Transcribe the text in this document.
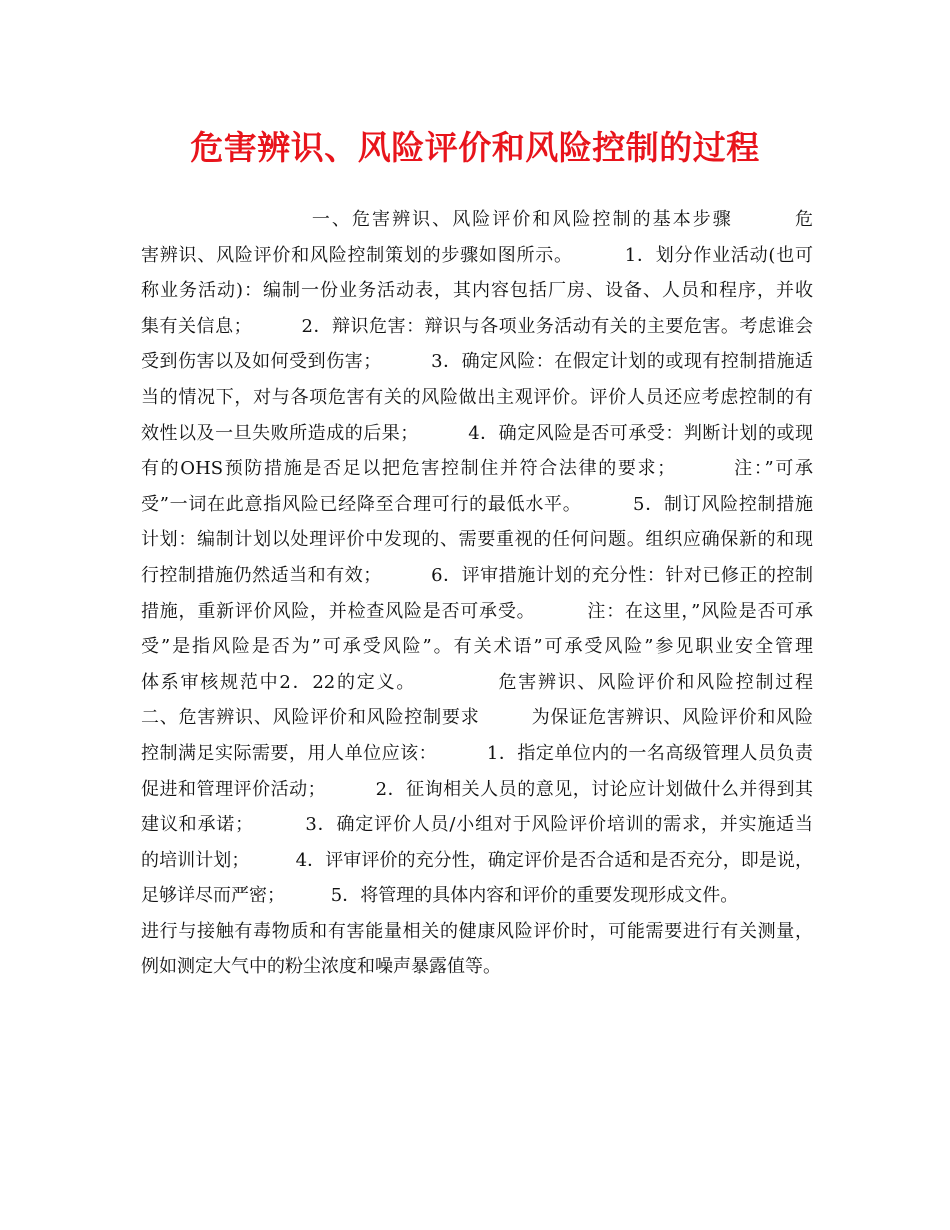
危害辨识、风险评价和风险控制的过程
一、危害辨识、风险评价和风险控制的基本步骤        危
害辨识、风险评价和风险控制策划的步骤如图所示。        1．划分作业活动(也可
称业务活动)：编制一份业务活动表，其内容包括厂房、设备、人员和程序，并收
集有关信息；        2．辩识危害：辩识与各项业务活动有关的主要危害。考虑谁会
受到伤害以及如何受到伤害；        3．确定风险：在假定计划的或现有控制措施适
当的情况下，对与各项危害有关的风险做出主观评价。评价人员还应考虑控制的有
效性以及一旦失败所造成的后果；        4．确定风险是否可承受：判断计划的或现
有的OHS预防措施是否足以把危害控制住并符合法律的要求；        注：”可承
受”一词在此意指风险已经降至合理可行的最低水平。        5．制订风险控制措施
计划：编制计划以处理评价中发现的、需要重视的任何问题。组织应确保新的和现
行控制措施仍然适当和有效；        6．评审措施计划的充分性：针对已修正的控制
措施，重新评价风险，并检查风险是否可承受。        注：在这里，”风险是否可承
受”是指风险是否为”可承受风险”。有关术语”可承受风险”参见职业安全管理
体系审核规范中2．22的定义。           危害辨识、风险评价和风险控制过程
二、危害辨识、风险评价和风险控制要求        为保证危害辨识、风险评价和风险
控制满足实际需要，用人单位应该：        1．指定单位内的一名高级管理人员负责
促进和管理评价活动；        2．征询相关人员的意见，讨论应计划做什么并得到其
建议和承诺；        3．确定评价人员/小组对于风险评价培训的需求，并实施适当
的培训计划；        4．评审评价的充分性，确定评价是否合适和是否充分，即是说，
足够详尽而严密；        5．将管理的具体内容和评价的重要发现形成文件。
进行与接触有毒物质和有害能量相关的健康风险评价时，可能需要进行有关测量，
例如测定大气中的粉尘浓度和噪声暴露值等。
